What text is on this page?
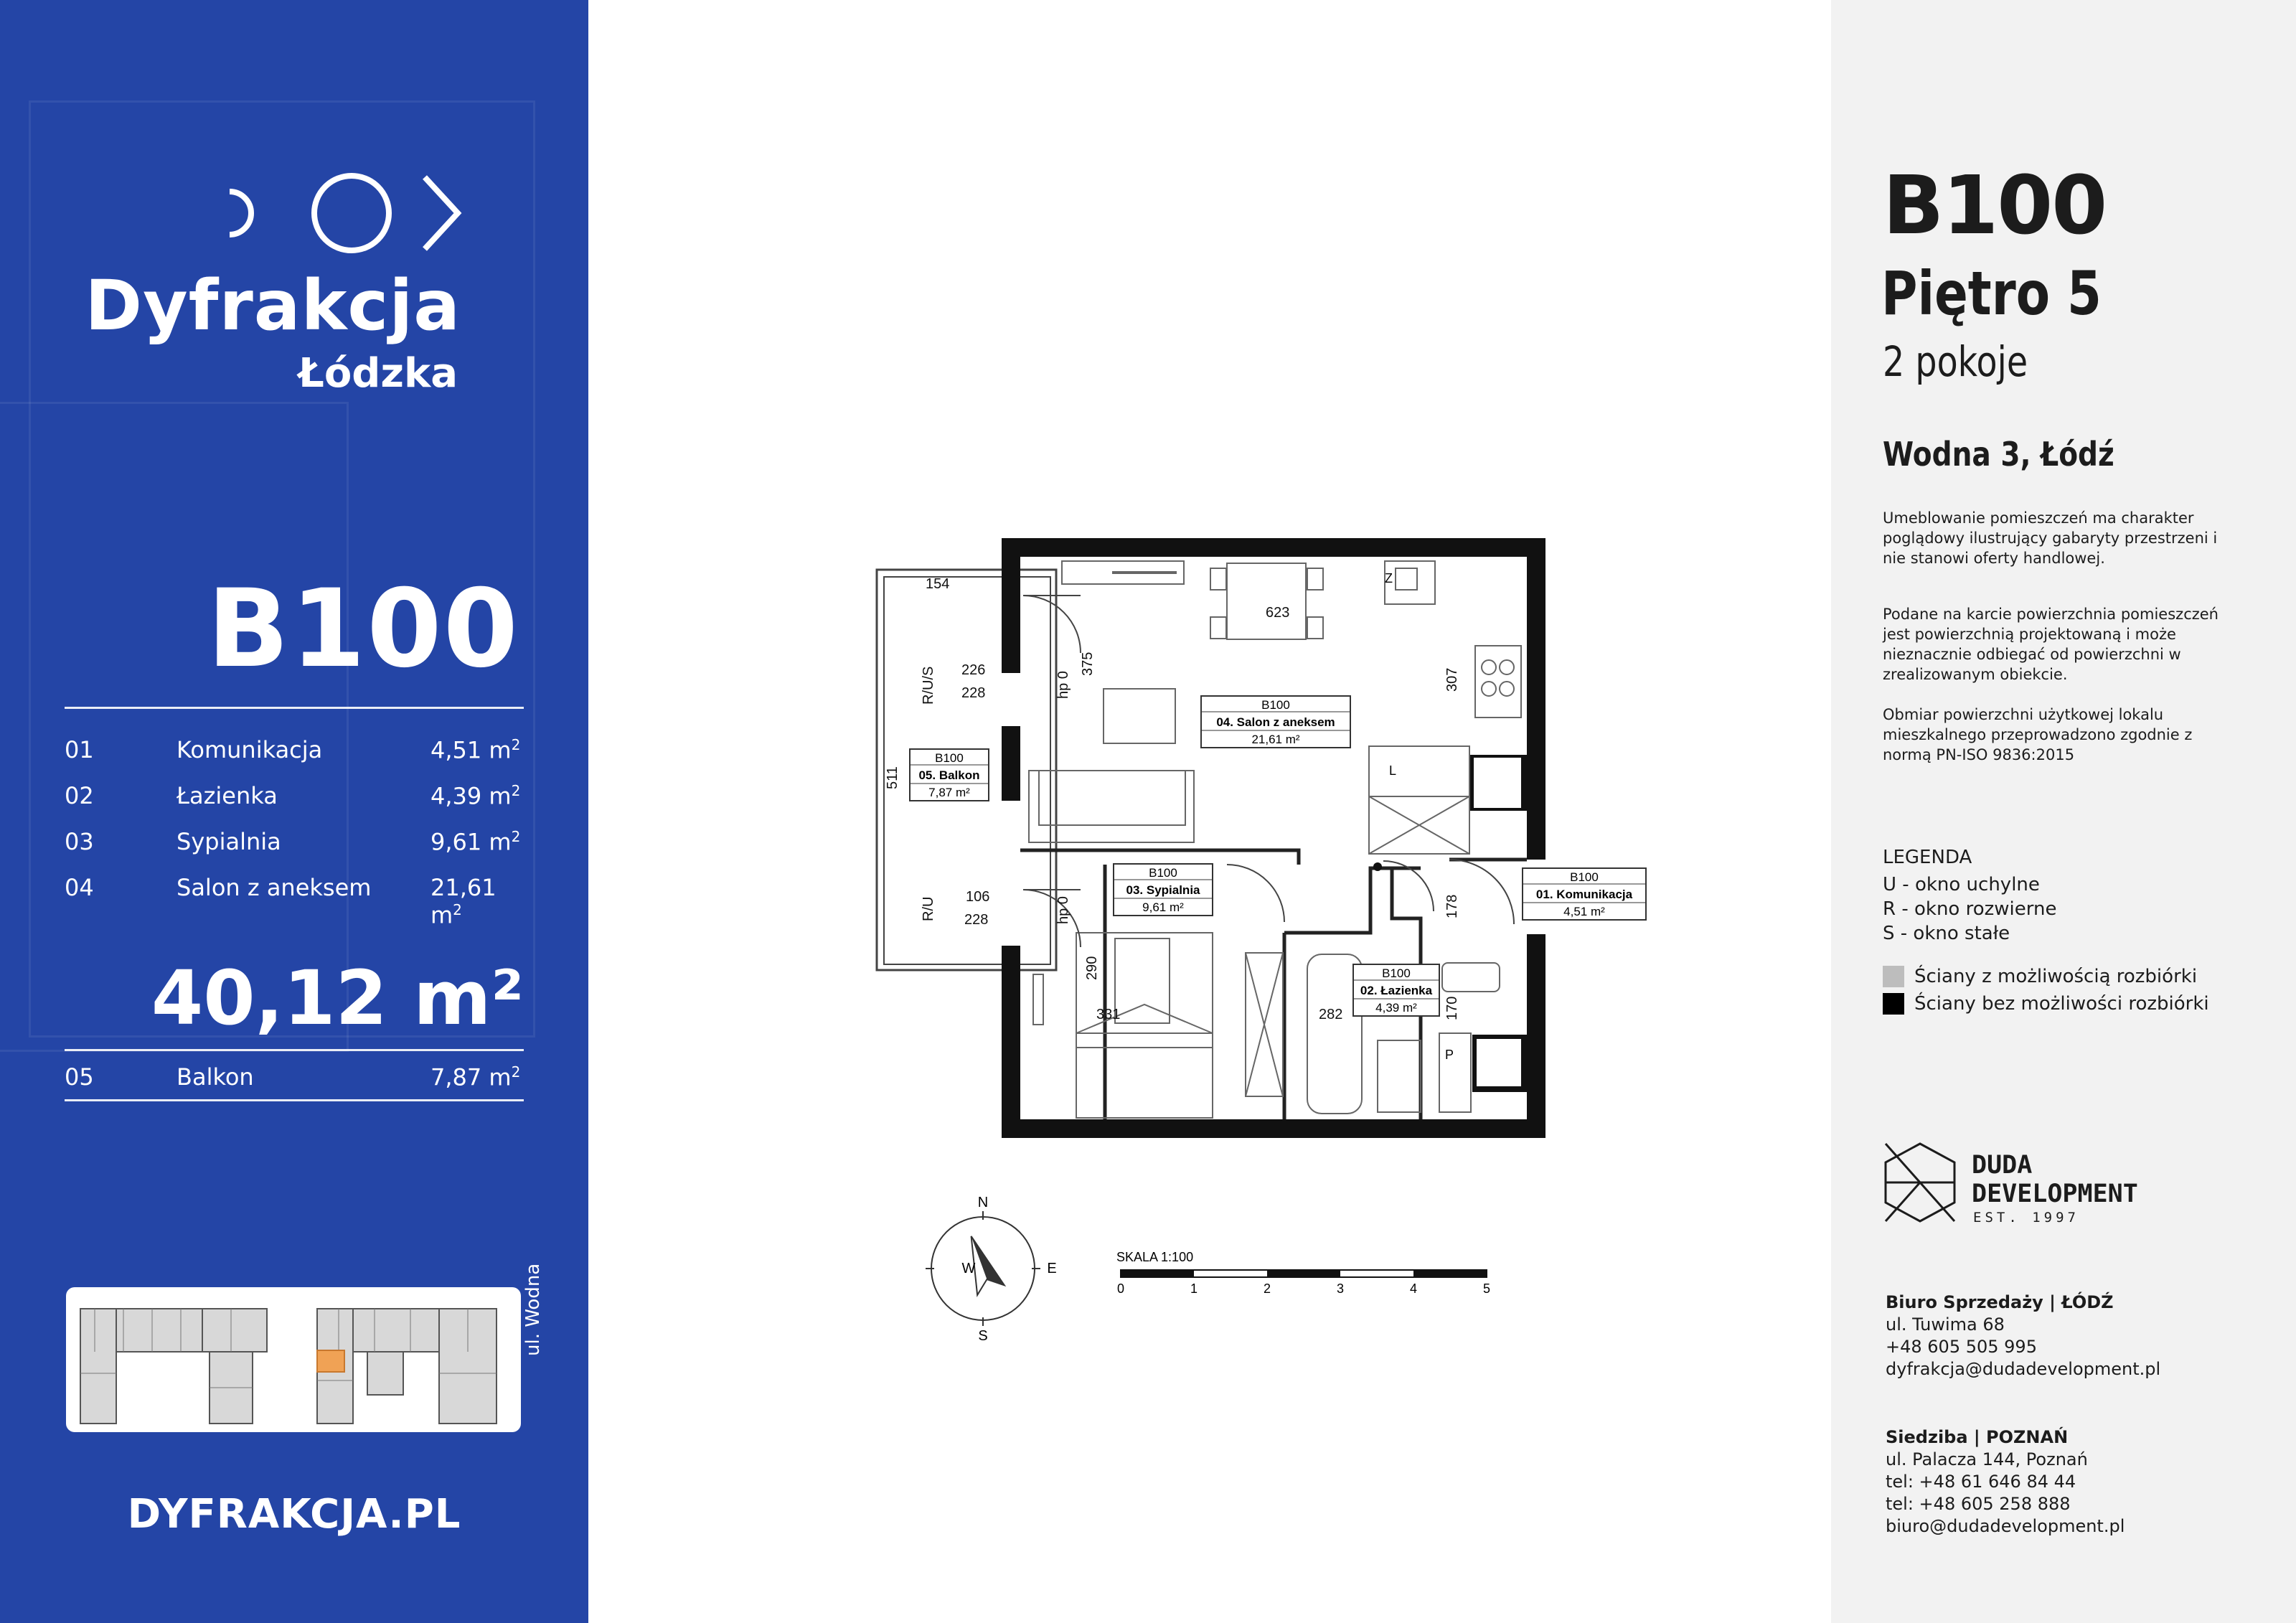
Dyfrakcja
Łódzka
B100
01	Komunikacja	4,51 $m^2$
02	Łazienka	4,39 $m^2$
03	Sypialnia	9,61 $m^2$
04	Salon z aneksem	21,61 $m^2$
40,12 m²
05	Balkon	7,87 $m^2$
ul. Wodna
DYFRAKCJA.PL
Z
L
P
154
623
226
228
106
228
331	282
375
307
511
290
170
178
R/U/S
R/U
hp 0
hp 0
B100
04. Salon z aneksem
21,61 m²
B100
05. Balkon
7,87 m²
B100
03. Sypialnia
9,61 m²
B100
02. Łazienka
4,39 m²
B100
01. Komunikacja
4,51 m²
N
S
E
W
SKALA 1:100
0	1	2	3	4	5
B100
Piętro 5
2 pokoje
Wodna 3, Łódź
Umeblowanie pomieszczeń ma charakter poglądowy ilustrujący gabaryty przestrzeni i nie stanowi oferty handlowej.
Podane na karcie powierzchnia pomieszczeń jest powierzchnią projektowaną i może nieznacznie odbiegać od powierzchni w zrealizowanym obiekcie.
Obmiar powierzchni użytkowej lokalu mieszkalnego przeprowadzono zgodnie z normą PN-ISO 9836:2015
LEGENDA
U - okno uchylne
R - okno rozwierne
S - okno stałe
Ściany z możliwością rozbiórki
Ściany bez możliwości rozbiórki
DUDA
DEVELOPMENT
EST. 1997
Biuro Sprzedaży | ŁÓDŹ
ul. Tuwima 68
+48 605 505 995
dyfrakcja@dudadevelopment.pl
Siedziba | POZNAŃ
ul. Palacza 144, Poznań
tel: +48 61 646 84 44
tel: +48 605 258 888
biuro@dudadevelopment.pl
